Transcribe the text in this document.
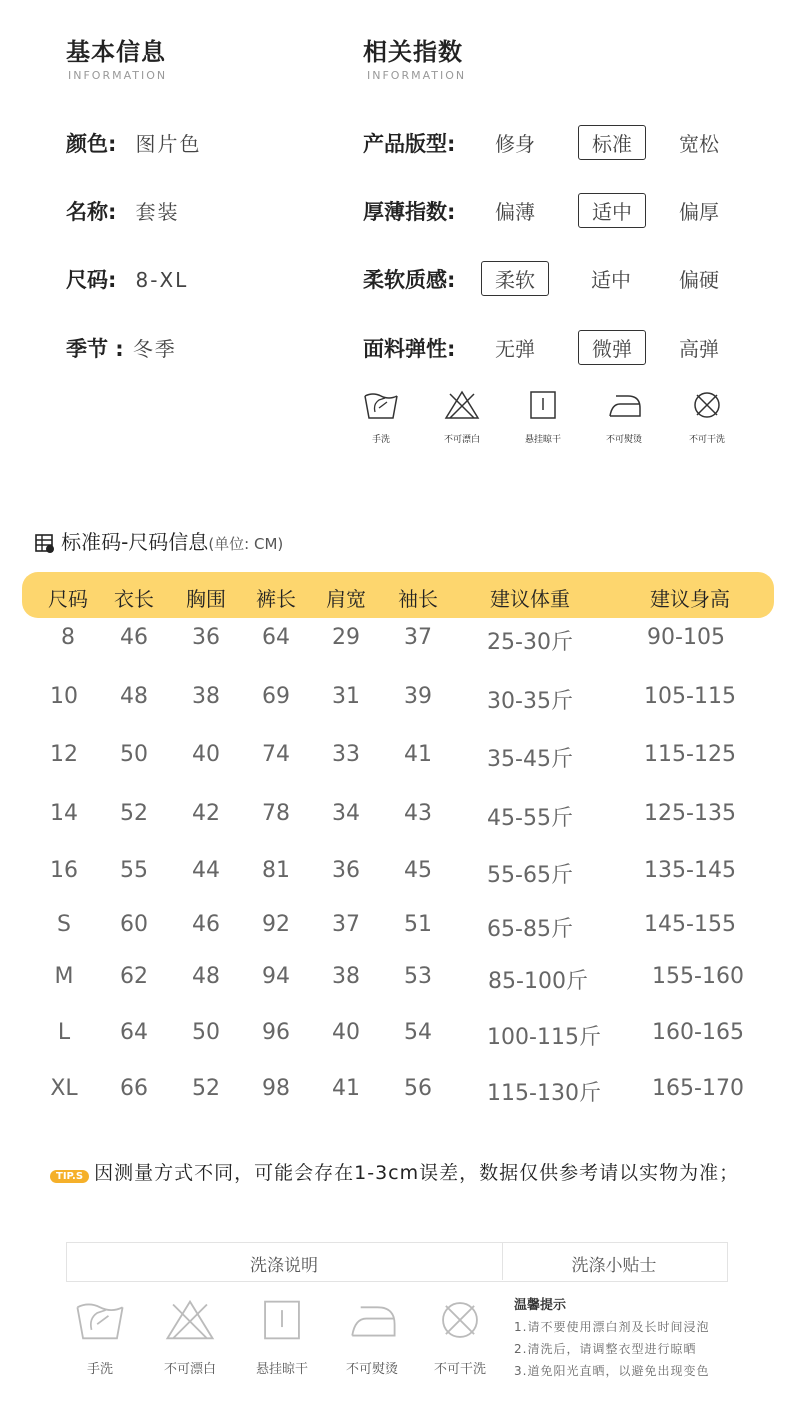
基本信息
INFORMATION
颜色: 图片色
名称: 套装
尺码: 8-XL
季节 : 冬季
相关指数
INFORMATION
产品版型:	修身	标准	宽松
厚薄指数:	偏薄	适中	偏厚
柔软质感:	柔软	适中	偏硬
面料弹性:	无弹	微弹	高弹
手洗	不可漂白	悬挂晾干	不可熨烫	不可干洗
标准码-尺码信息(单位: CM)
尺码	衣长	胸围	裤长	肩宽	袖长	建议体重	建议身高
8	46	36	64	29	37	25-30斤	90-105
10	48	38	69	31	39	30-35斤	105-115
12	50	40	74	33	41	35-45斤	115-125
14	52	42	78	34	43	45-55斤	125-135
16	55	44	81	36	45	55-65斤	135-145
S	60	46	92	37	51	65-85斤	145-155
M	62	48	94	38	53	85-100斤	155-160
L	64	50	96	40	54	100-115斤	160-165
XL	66	52	98	41	56	115-130斤	165-170
TIP.S 因测量方式不同，可能会存在1-3cm误差，数据仅供参考请以实物为准；
洗涤说明	洗涤小贴士
手洗	不可漂白	悬挂晾干	不可熨烫	不可干洗
温馨提示
1.请不要使用漂白剂及长时间浸泡
2.清洗后，请调整衣型进行晾晒
3.道免阳光直晒，以避免出现变色
